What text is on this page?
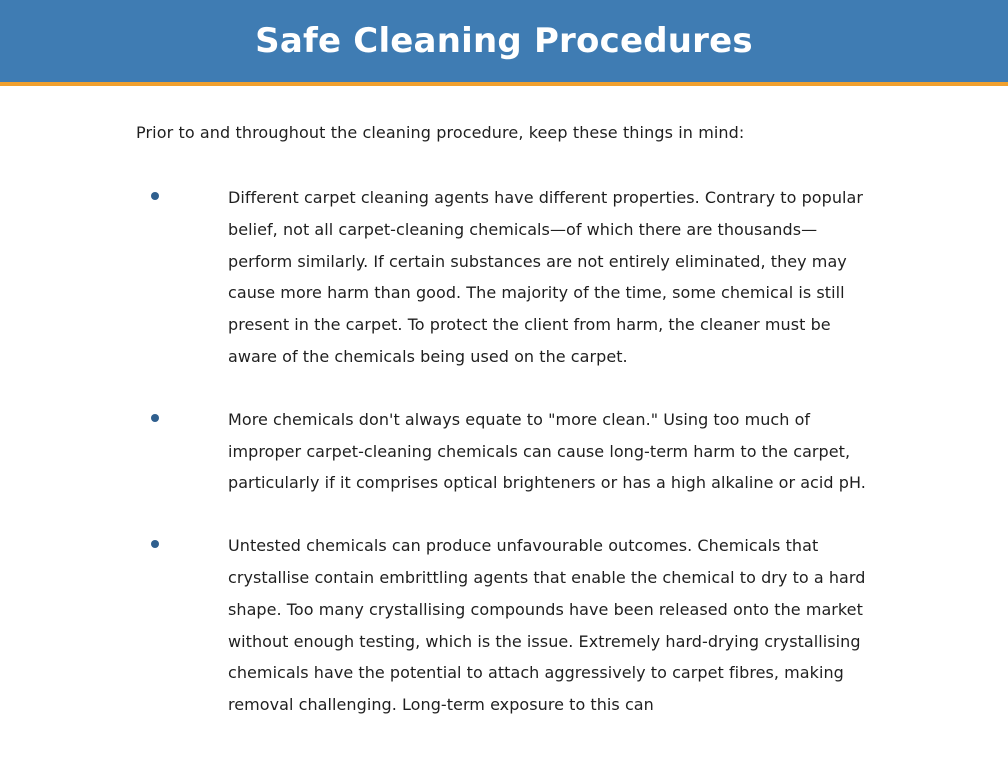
Safe Cleaning Procedures

Prior to and throughout the cleaning procedure, keep these things in mind:

Different carpet cleaning agents have different properties. Contrary to popular belief, not all carpet-cleaning chemicals—of which there are thousands—perform similarly. If certain substances are not entirely eliminated, they may cause more harm than good. The majority of the time, some chemical is still present in the carpet. To protect the client from harm, the cleaner must be aware of the chemicals being used on the carpet.
More chemicals don't always equate to "more clean." Using too much of improper carpet-cleaning chemicals can cause long-term harm to the carpet, particularly if it comprises optical brighteners or has a high alkaline or acid pH.
Untested chemicals can produce unfavourable outcomes. Chemicals that crystallise contain embrittling agents that enable the chemical to dry to a hard shape. Too many crystallising compounds have been released onto the market without enough testing, which is the issue. Extremely hard-drying crystallising chemicals have the potential to attach aggressively to carpet fibres, making removal challenging. Long-term exposure to this can
